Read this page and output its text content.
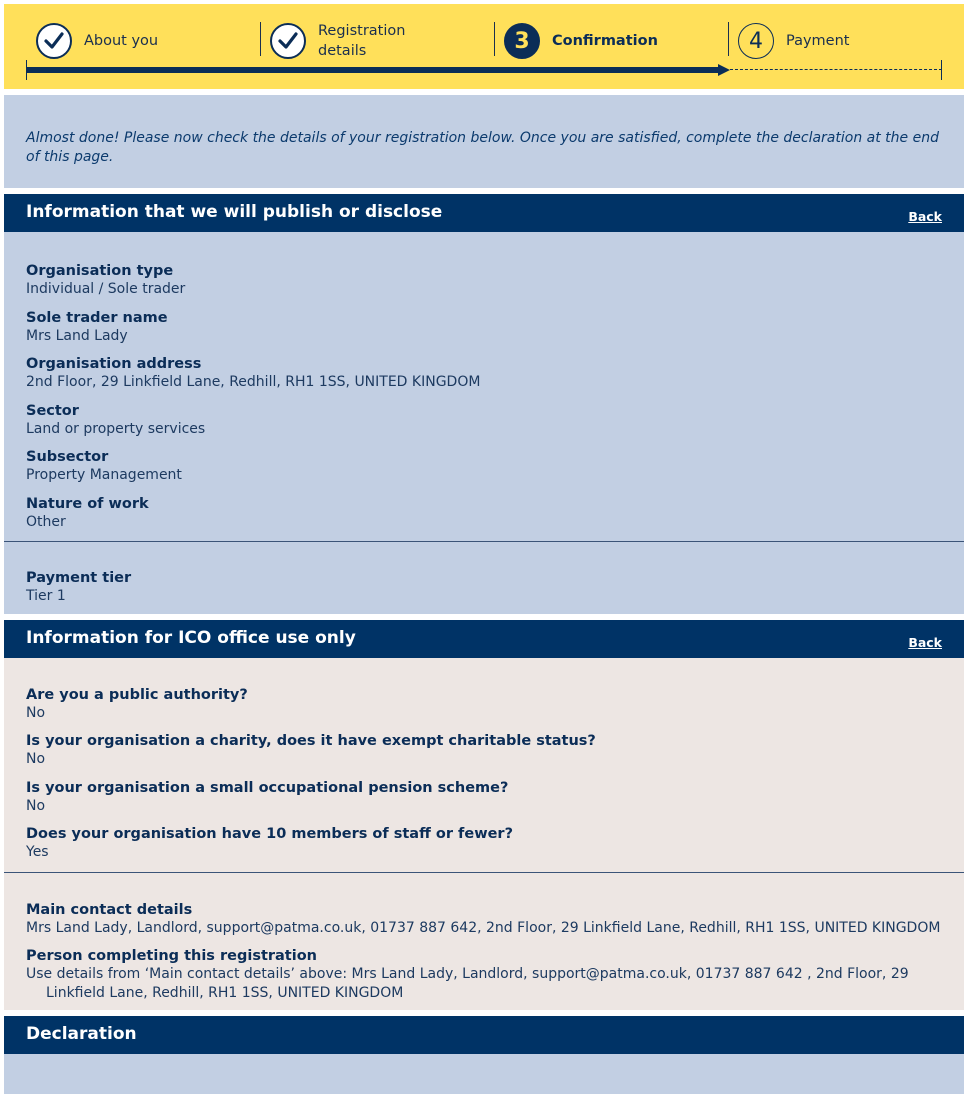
About you
Registration details	3	Confirmation	4	Payment
Almost done! Please now check the details of your registration below. Once you are satisfied, complete the declaration at the end of this page.
Information that we will publish or disclose	Back
Organisation type
Individual / Sole trader
Sole trader name
Mrs Land Lady
Organisation address
2nd Floor, 29 Linkfield Lane, Redhill, RH1 1SS, UNITED KINGDOM
Sector
Land or property services
Subsector
Property Management
Nature of work
Other
Payment tier
Tier 1
Information for ICO office use only	Back
Are you a public authority?
No
Is your organisation a charity, does it have exempt charitable status?
No
Is your organisation a small occupational pension scheme?
No
Does your organisation have 10 members of staff or fewer?
Yes
Main contact details
Mrs Land Lady, Landlord, support@patma.co.uk, 01737 887 642, 2nd Floor, 29 Linkfield Lane, Redhill, RH1 1SS, UNITED KINGDOM
Person completing this registration
Use details from ‘Main contact details’ above: Mrs Land Lady, Landlord, support@patma.co.uk, 01737 887 642 , 2nd Floor, 29 Linkfield Lane, Redhill, RH1 1SS, UNITED KINGDOM
Declaration
